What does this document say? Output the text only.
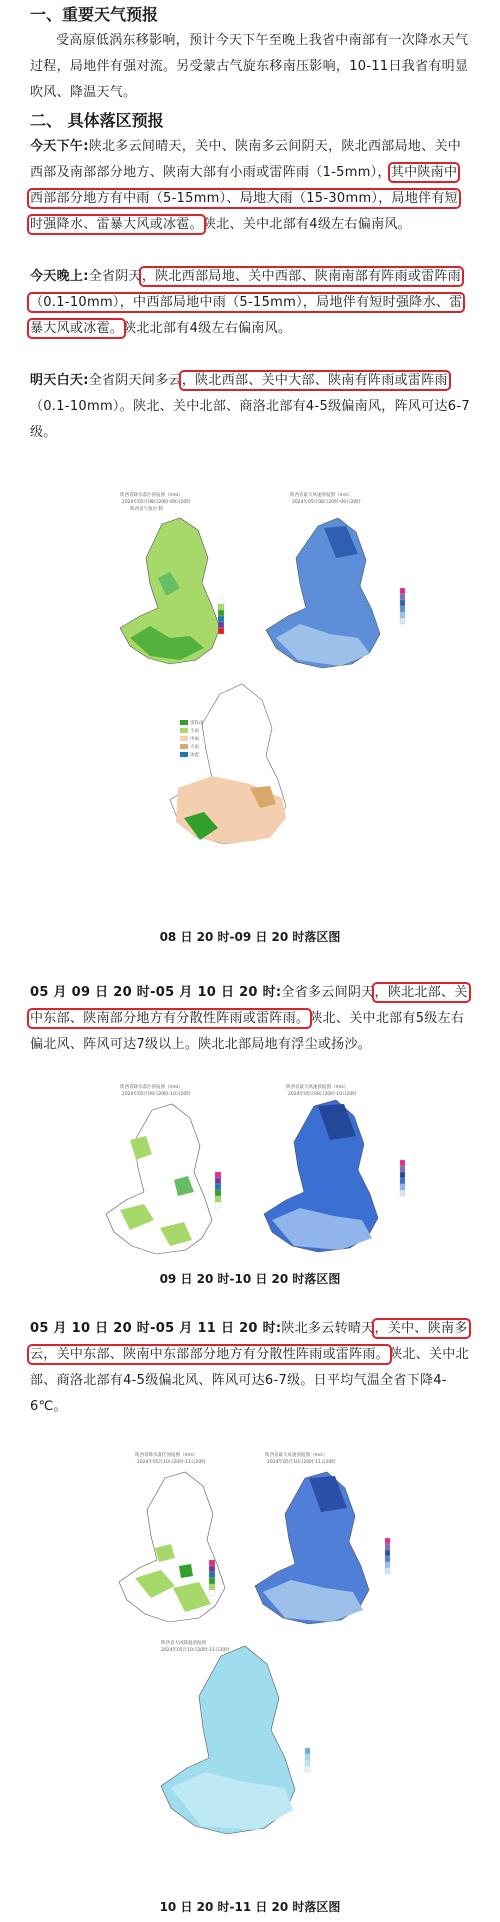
一、重要天气预报
受高原低涡东移影响，预计今天下午至晚上我省中南部有一次降水天气过程，局地伴有强对流。另受蒙古气旋东移南压影响，10-11日我省有明显吹风、降温天气。
二、 具体落区预报
今天下午:陕北多云间晴天，关中、陕南多云间阴天，陕北西部局地、关中西部及南部部分地方、陕南大部有小雨或雷阵雨（1-5mm），其中陕南中西部部分地方有中雨（5-15mm）、局地大雨（15-30mm），局地伴有短时强降水、雷暴大风或冰雹。陕北、关中北部有4级左右偏南风。
今天晚上:全省阴天，陕北西部局地、关中西部、陕南南部有阵雨或雷阵雨（0.1-10mm），中西部局地中雨（5-15mm），局地伴有短时强降水、雷暴大风或冰雹。陕北北部有4级左右偏南风。
明天白天:全省阴天间多云，陕北西部、关中大部、陕南有阵雨或雷阵雨（0.1-10mm）。陕北、关中北部、商洛北部有4-5级偏南风，阵风可达6-7级。
陕西省降水落区预报图（mm）
2024年05月08日20时-09日20时
陕西省气象台 制
陕西省最大风速预报图（m/s）
2024年05月08日20时-09日20时
雷阵雨
小雨
中雨
大雨
冰雹
08 日 20 时-09 日 20 时落区图
05 月 09 日 20 时-05 月 10 日 20 时:全省多云间阴天，陕北北部、关中东部、陕南部分地方有分散性阵雨或雷阵雨。陕北、关中北部有5级左右偏北风、阵风可达7级以上。陕北北部局地有浮尘或扬沙。
陕西省降水落区预报图（mm）
2024年05月09日20时-10日20时
陕西省最大风速预报图（m/s）
2024年05月09日20时-10日20时
09 日 20 时-10 日 20 时落区图
05 月 10 日 20 时-05 月 11 日 20 时:陕北多云转晴天，关中、陕南多云，关中东部、陕南中东部部分地方有分散性阵雨或雷阵雨。陕北、关中北部、商洛北部有4-5级偏北风、阵风可达6-7级。日平均气温全省下降4-6℃。
陕西省降水落区预报图（mm）
2024年05月10日20时-11日20时
陕西省最大风速预报图（m/s）
2024年05月10日20时-11日20时
陕西省大风降温预报图
2024年05月10日20时-11日20时
10 日 20 时-11 日 20 时落区图
